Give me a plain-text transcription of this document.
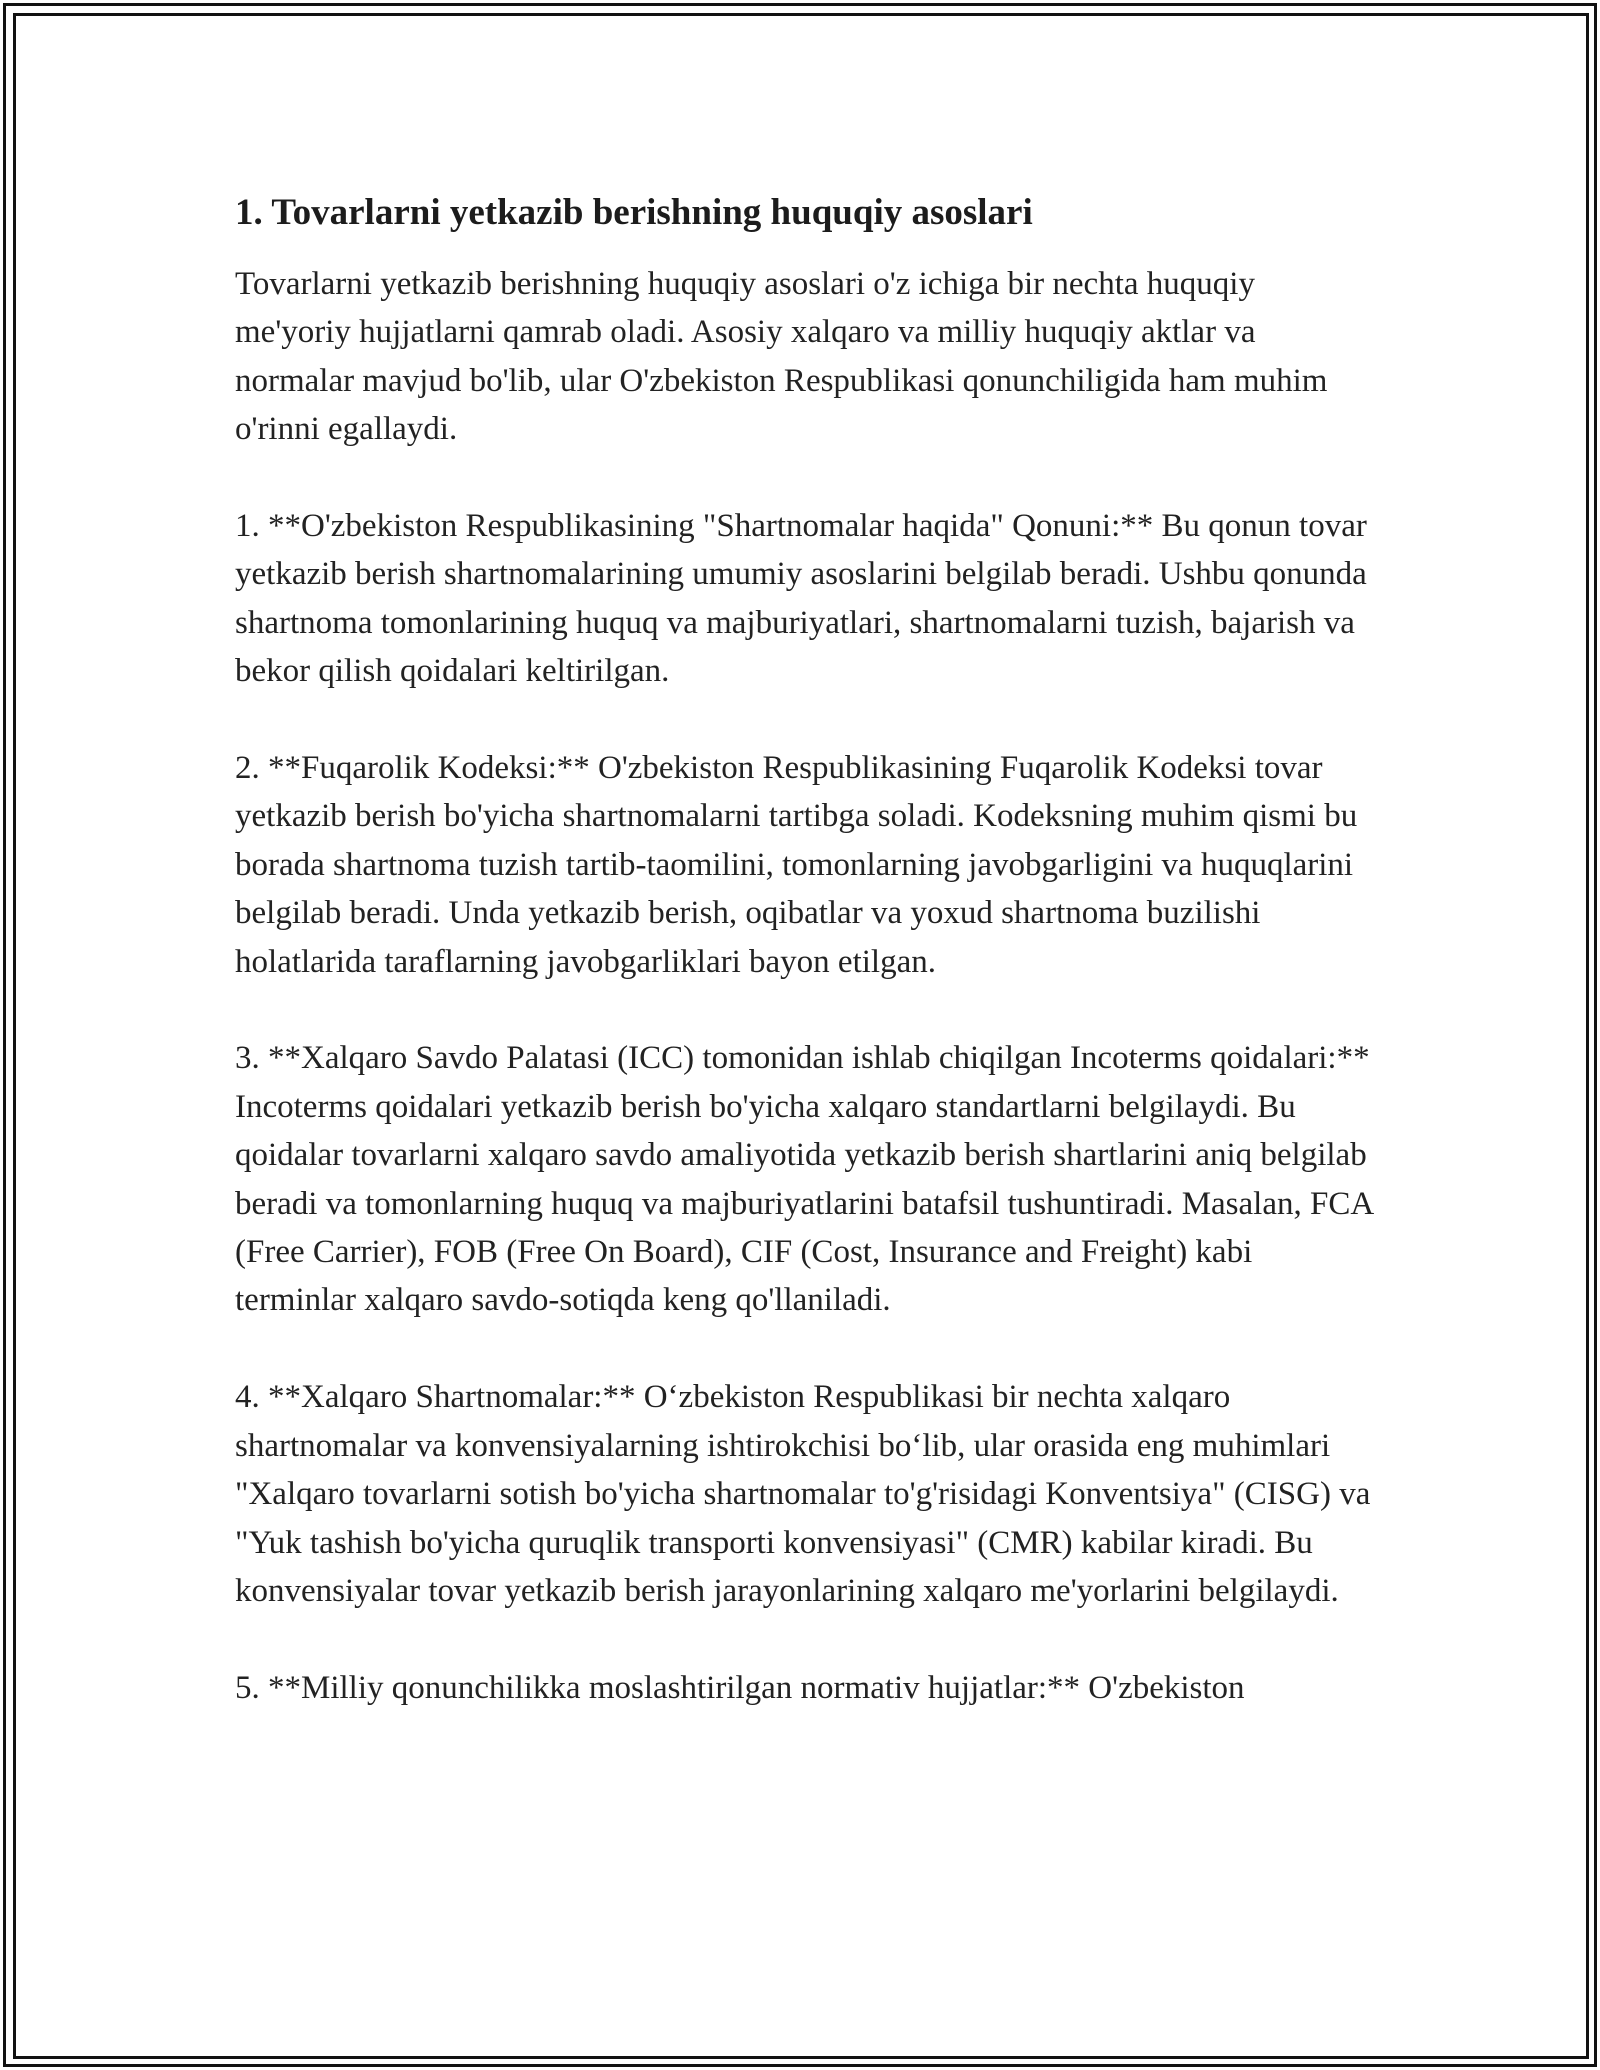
1. Tovarlarni yetkazib berishning huquqiy asoslari

Tovarlarni yetkazib berishning huquqiy asoslari o'z ichiga bir nechta huquqiy me'yoriy hujjatlarni qamrab oladi. Asosiy xalqaro va milliy huquqiy aktlar va normalar mavjud bo'lib, ular O'zbekiston Respublikasi qonunchiligida ham muhim o'rinni egallaydi.

1. **O'zbekiston Respublikasining "Shartnomalar haqida" Qonuni:** Bu qonun tovar yetkazib berish shartnomalarining umumiy asoslarini belgilab beradi. Ushbu qonunda shartnoma tomonlarining huquq va majburiyatlari, shartnomalarni tuzish, bajarish va bekor qilish qoidalari keltirilgan.

2. **Fuqarolik Kodeksi:** O'zbekiston Respublikasining Fuqarolik Kodeksi tovar yetkazib berish bo'yicha shartnomalarni tartibga soladi. Kodeksning muhim qismi bu borada shartnoma tuzish tartib-taomilini, tomonlarning javobgarligini va huquqlarini belgilab beradi. Unda yetkazib berish, oqibatlar va yoxud shartnoma buzilishi holatlarida taraflarning javobgarliklari bayon etilgan.

3. **Xalqaro Savdo Palatasi (ICC) tomonidan ishlab chiqilgan Incoterms qoidalari:** Incoterms qoidalari yetkazib berish bo'yicha xalqaro standartlarni belgilaydi. Bu qoidalar tovarlarni xalqaro savdo amaliyotida yetkazib berish shartlarini aniq belgilab beradi va tomonlarning huquq va majburiyatlarini batafsil tushuntiradi. Masalan, FCA (Free Carrier), FOB (Free On Board), CIF (Cost, Insurance and Freight) kabi terminlar xalqaro savdo-sotiqda keng qo'llaniladi.

4. **Xalqaro Shartnomalar:** O‘zbekiston Respublikasi bir nechta xalqaro shartnomalar va konvensiyalarning ishtirokchisi bo‘lib, ular orasida eng muhimlari "Xalqaro tovarlarni sotish bo'yicha shartnomalar to'g'risidagi Konventsiya" (CISG) va "Yuk tashish bo'yicha quruqlik transporti konvensiyasi" (CMR) kabilar kiradi. Bu konvensiyalar tovar yetkazib berish jarayonlarining xalqaro me'yorlarini belgilaydi.

5. **Milliy qonunchilikka moslashtirilgan normativ hujjatlar:** O'zbekiston
